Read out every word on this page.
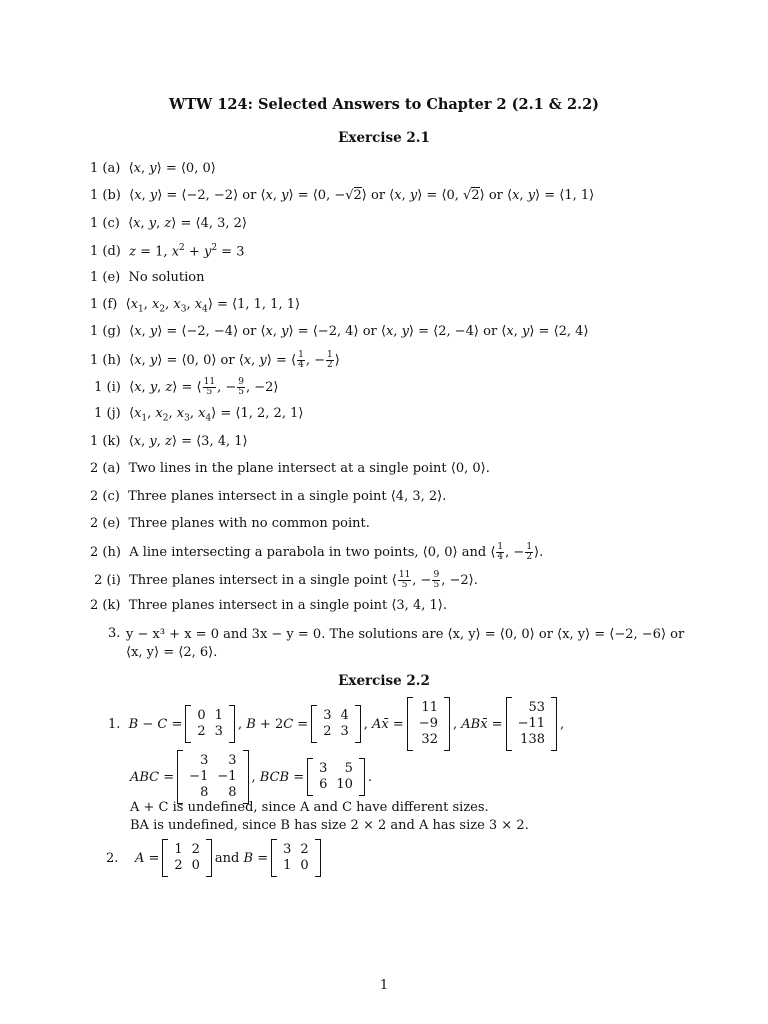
WTW 124: Selected Answers to Chapter 2 (2.1 & 2.2)
Exercise 2.1
1 (a)  ⟨x, y⟩ = ⟨0, 0⟩
1 (b)  ⟨x, y⟩ = ⟨−2, −2⟩ or ⟨x, y⟩ = ⟨0, −√2⟩ or ⟨x, y⟩ = ⟨0, √2⟩ or ⟨x, y⟩ = ⟨1, 1⟩
1 (c)  ⟨x, y, z⟩ = ⟨4, 3, 2⟩
1 (d) z = 1, $x^2 + y^2 = 3$
1 (e) No solution
1 (f)  $⟨x_1$, $x_2$, $x_3$, $x_4⟩$ = ⟨1, 1, 1, 1⟩
1 (g)  ⟨x, y⟩ = ⟨−2, −4⟩ or ⟨x, y⟩ = ⟨−2, 4⟩ or ⟨x, y⟩ = ⟨2, −4⟩ or ⟨x, y⟩ = ⟨2, 4⟩
1 (h)  ⟨x, y⟩ = ⟨0, 0⟩ or ⟨x, y⟩ = ⟨ $\frac{1}{4}$ , − $\frac{1}{2}$ ⟩
1 (i)  ⟨x, y, z⟩ = ⟨ $\frac{11}{5}$ , − $\frac{9}{5}$ , −2⟩
1 (j)  $⟨x_1$, $x_2$, $x_3$, $x_4⟩$ = ⟨1, 2, 2, 1⟩
1 (k)  ⟨x, y, z⟩ = ⟨3, 4, 1⟩
2 (a) Two lines in the plane intersect at a single point ⟨0, 0⟩.
2 (c) Three planes intersect in a single point ⟨4, 3, 2⟩.
2 (e) Three planes with no common point.
2 (h) A line intersecting a parabola in two points, ⟨0, 0⟩ and ⟨ $\frac{1}{4}$ , − $\frac{1}{2}$ ⟩.
2 (i) Three planes intersect in a single point ⟨ $\frac{11}{5}$ , − $\frac{9}{5}$ , −2⟩.
2 (k) Three planes intersect in a single point ⟨3, 4, 1⟩.
3. y − x³ + x = 0 and 3x − y = 0. The solutions are ⟨x, y⟩ = ⟨0, 0⟩ or ⟨x, y⟩ = ⟨−2, −6⟩ or
⟨x, y⟩ = ⟨2, 6⟩.
Exercise 2.2
1.
B − C =
0 1
2 3 , B + 2 C =
3 4
2 3 , A x̄ =
11
−9
32
, AB x̄ =
53
−11
138
,
ABC =
3	3
−1 −1
8	8
, BCB =
3	5
6 10 .
A + C is undefined, since A and C have different sizes.
BA is undefined, since B has size 2 × 2 and A has size 3 × 2.
2.
A =
1 2
2 0 and
B =
3 2
1 0
1
